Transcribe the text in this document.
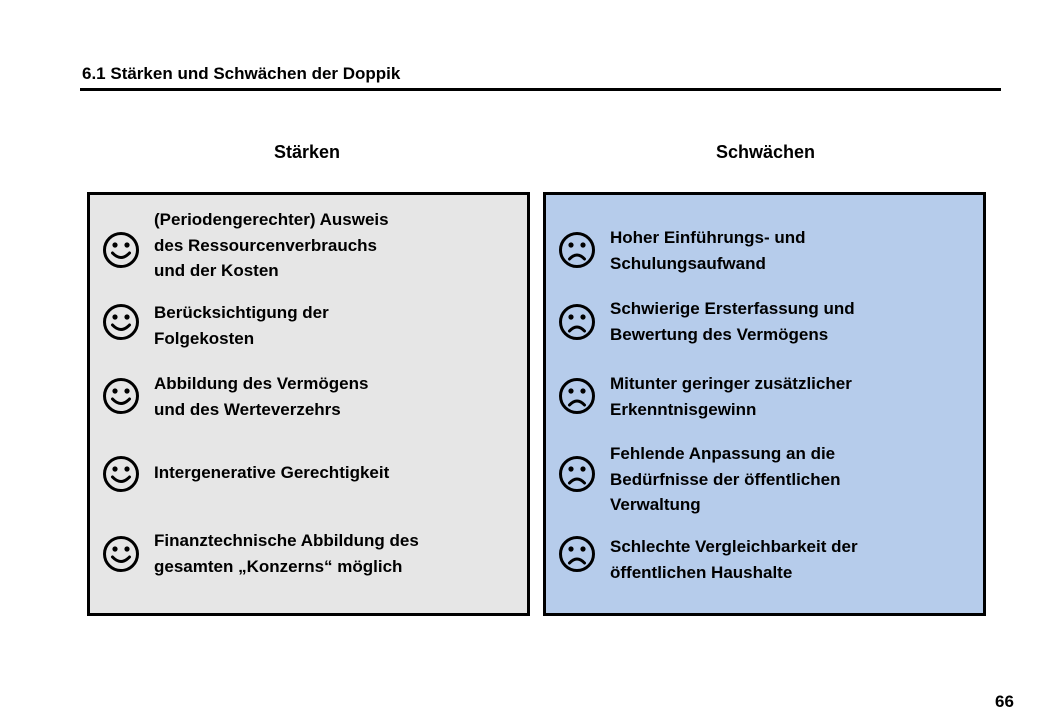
6.1 Stärken und Schwächen der Doppik
Stärken	Schwächen
(Periodengerechter) Ausweis
des Ressourcenverbrauchs
und der Kosten
Berücksichtigung der
Folgekosten
Abbildung des Vermögens
und des Werteverzehrs
Intergenerative Gerechtigkeit
Finanztechnische Abbildung des
gesamten „Konzerns“ möglich
Hoher Einführungs- und
Schulungsaufwand
Schwierige Ersterfassung und
Bewertung des Vermögens
Mitunter geringer zusätzlicher
Erkenntnisgewinn
Fehlende Anpassung an die
Bedürfnisse der öffentlichen
Verwaltung
Schlechte Vergleichbarkeit der
öffentlichen Haushalte
66
